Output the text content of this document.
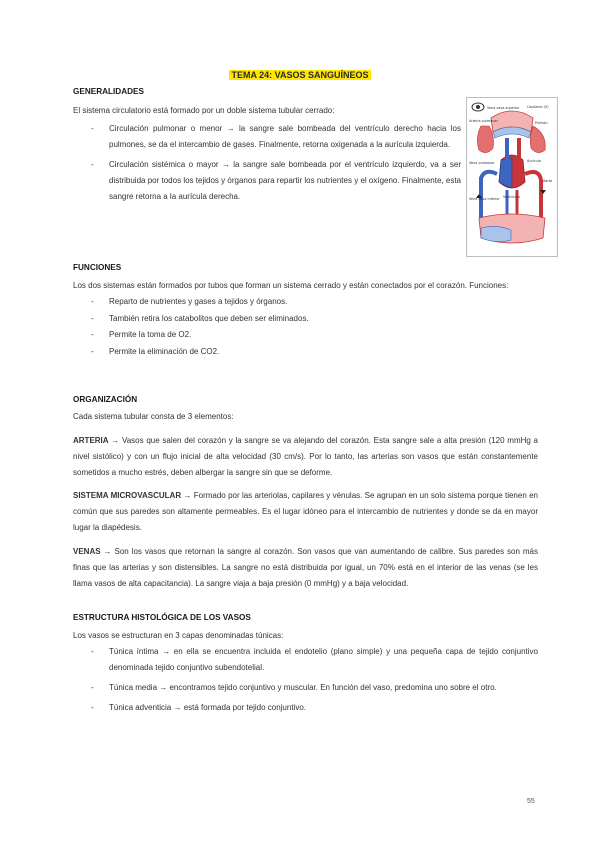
TEMA 24: VASOS SANGUÍNEOS
GENERALIDADES
El sistema circulatorio está formado por un doble sistema tubular cerrado:
- Circulación pulmonar o menor → la sangre sale bombeada del ventrículo derecho hacia los pulmones, se da el intercambio de gases. Finalmente, retorna oxigenada a la aurícula izquierda.
- Circulación sistémica o mayor → la sangre sale bombeada por el ventrículo izquierdo, va a ser distribuida por todos los tejidos y órganos para repartir los nutrientes y el oxígeno. Finalmente, esta sangre retorna a la aurícula derecha.
Vena cava superior
Arteria pulmonar
Capilares (5)
Pulmón
Vena pulmonar	Aurícula
Ventrículo
Aorta
Vena cava inferior
FUNCIONES
Los dos sistemas están formados por tubos que forman un sistema cerrado y están conectados por el corazón. Funciones:
- Reparto de nutrientes y gases a tejidos y órganos.
- También retira los catabolitos que deben ser eliminados.
- Permite la toma de O2.
- Permite la eliminación de CO2.
ORGANIZACIÓN
Cada sistema tubular consta de 3 elementos:
ARTERIA → Vasos que salen del corazón y la sangre se va alejando del corazón. Esta sangre sale a alta presión (120 mmHg a nivel sistólico) y con un flujo inicial de alta velocidad (30 cm/s). Por lo tanto, las arterias son vasos que están constantemente sometidos a mucho estrés, deben albergar la sangre sin que se deforme.
SISTEMA MICROVASCULAR → Formado por las arteriolas, capilares y vénulas. Se agrupan en un solo sistema porque tienen en común que sus paredes son altamente permeables. Es el lugar idóneo para el intercambio de nutrientes y donde se da en mayor lugar la diapédesis.
VENAS → Son los vasos que retornan la sangre al corazón. Son vasos que van aumentando de calibre. Sus paredes son más finas que las arterias y son distensibles. La sangre no está distribuida por igual, un 70% está en el interior de las venas (se les llama vasos de alta capacitancia). La sangre viaja a baja presión (0 mmHg) y a baja velocidad.
ESTRUCTURA HISTOLÓGICA DE LOS VASOS
Los vasos se estructuran en 3 capas denominadas túnicas:
- Túnica íntima → en ella se encuentra incluida el endotelio (plano simple) y una pequeña capa de tejido conjuntivo denominada tejido conjuntivo subendotelial.
- Túnica media → encontramos tejido conjuntivo y muscular. En función del vaso, predomina uno sobre el otro.
- Túnica adventicia → está formada por tejido conjuntivo.
55
